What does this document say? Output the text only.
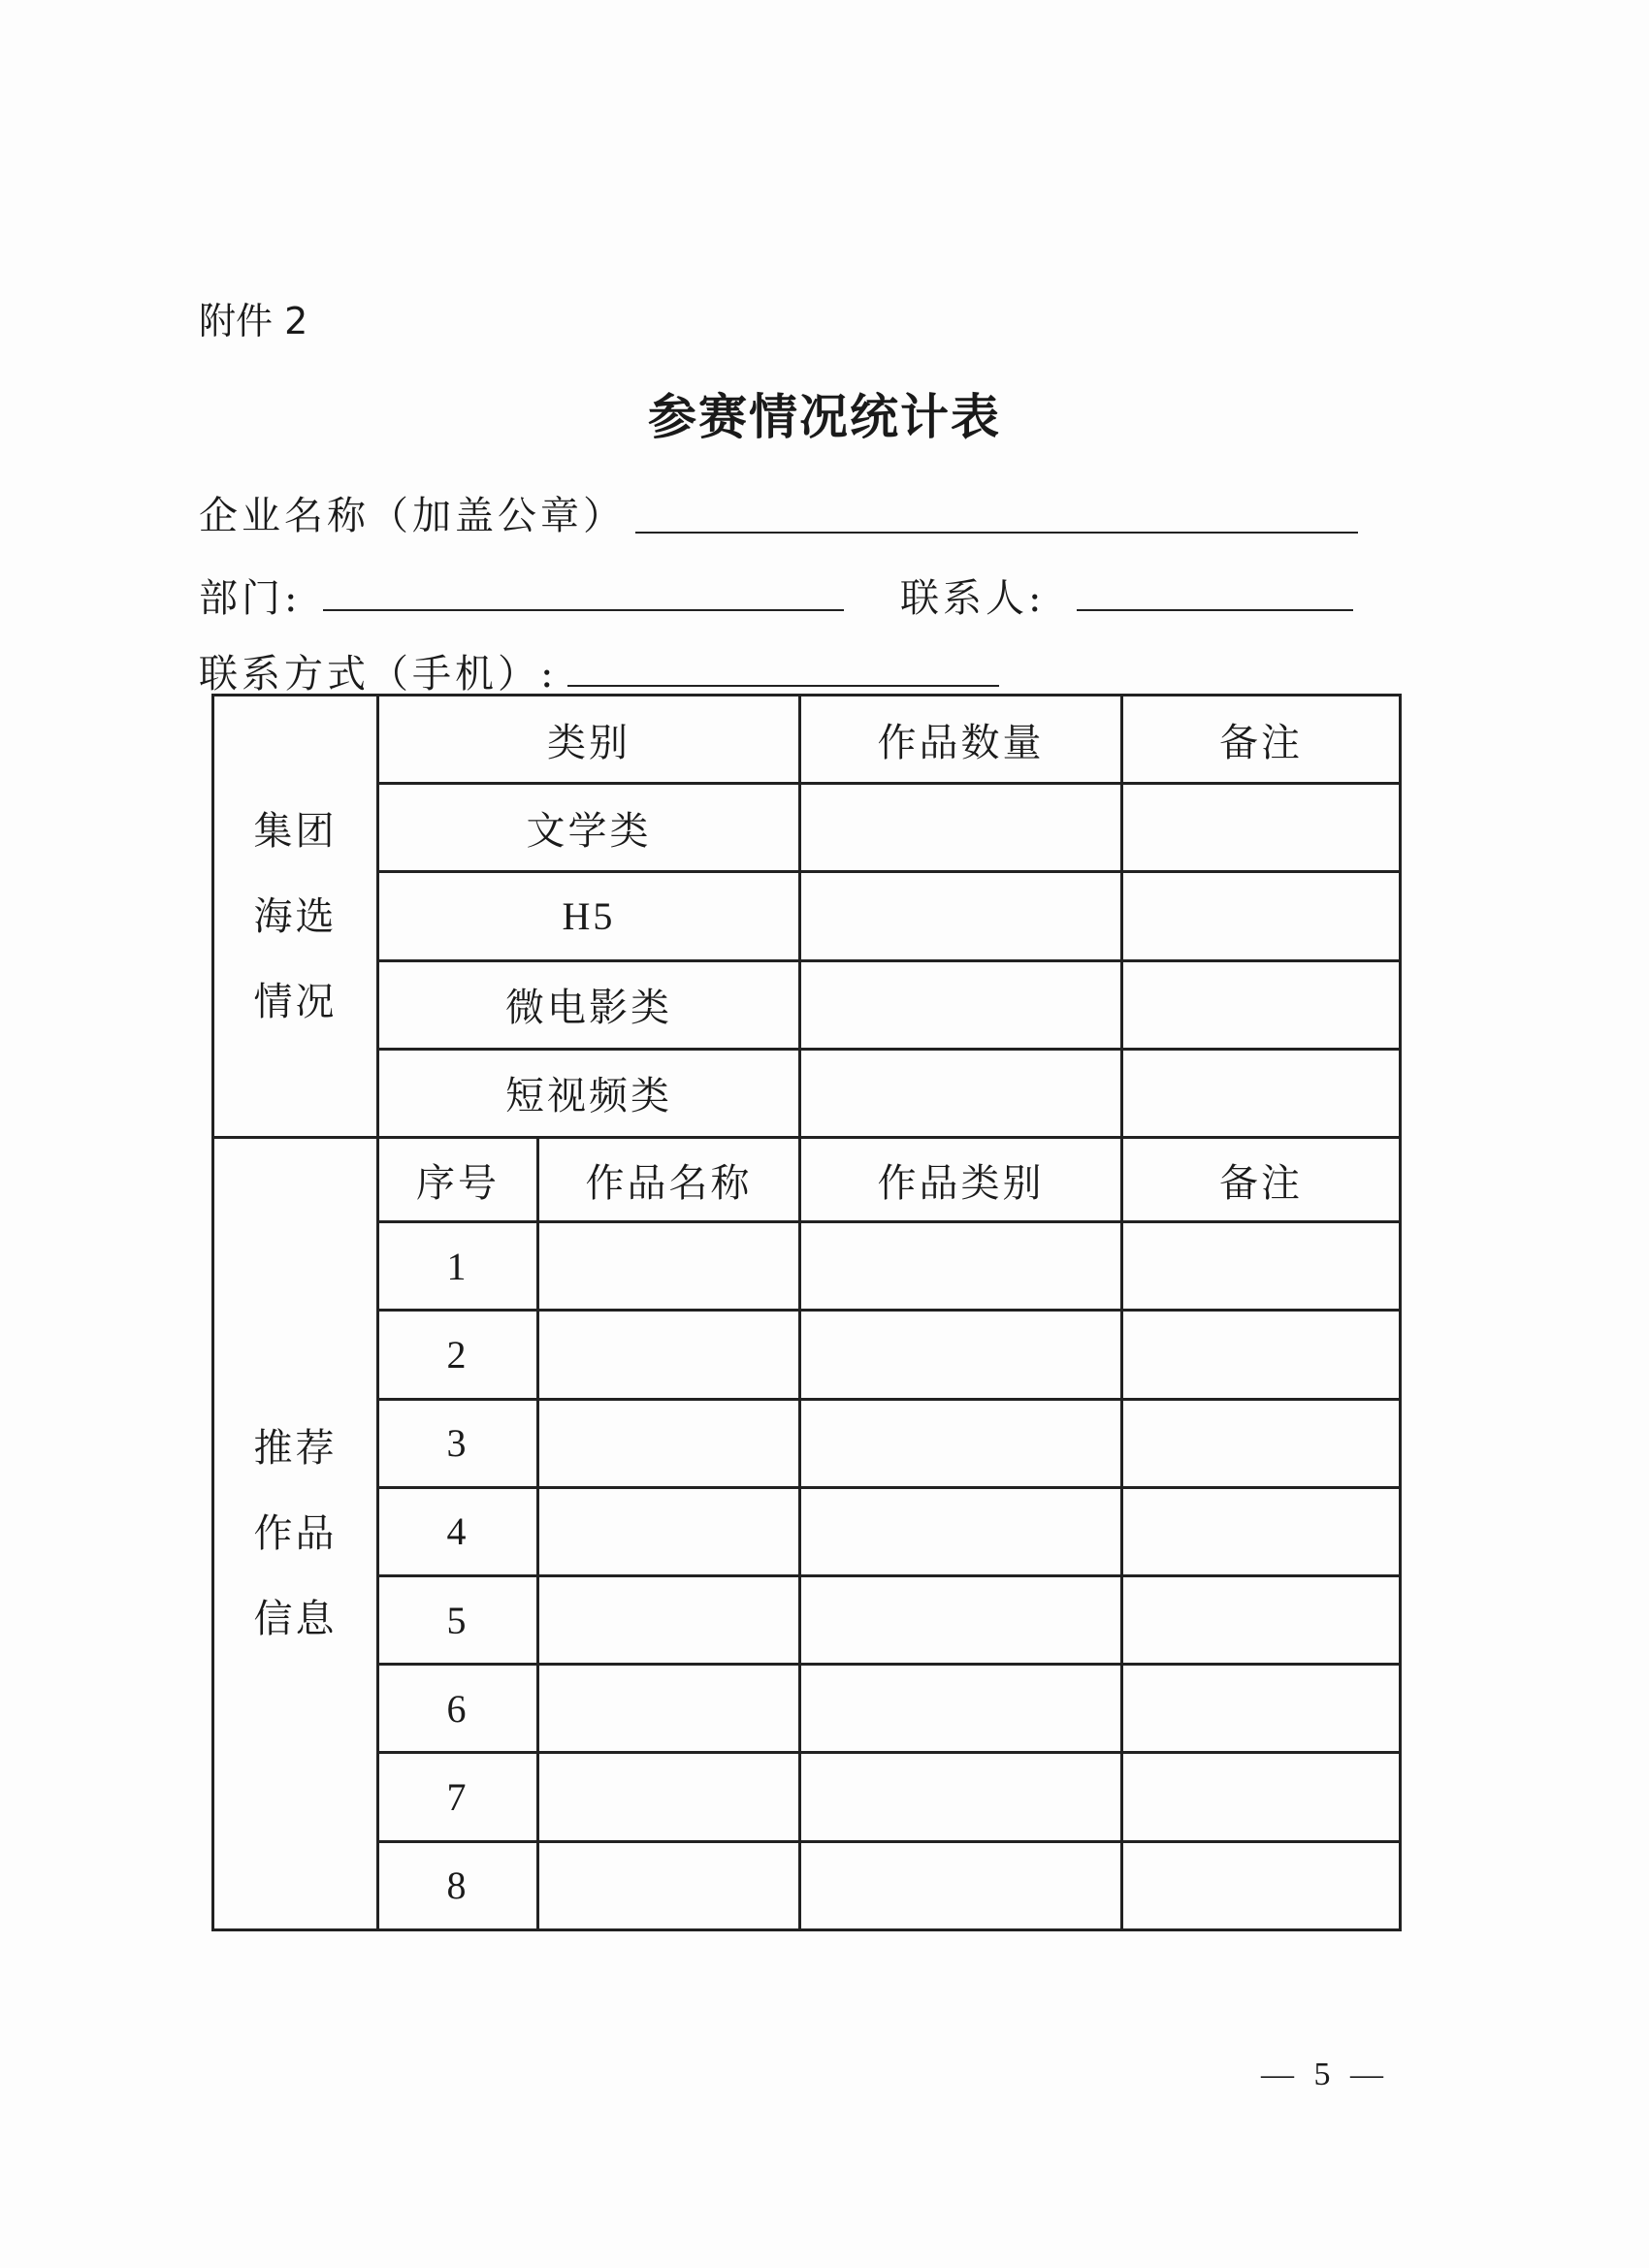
附件 2
参赛情况统计表
企业名称（加盖公章）
部门:	联系人:
联系方式（手机）:
集团海选情况	类别		作品数量	备注
	文学类			
	H5			
	微电影类			
	短视频类			

推荐作品信息	序号	作品名称	作品类别	备注
	1			
	2			
	3			
	4			
	5			
	6			
	7			
	8			
— 5 —
